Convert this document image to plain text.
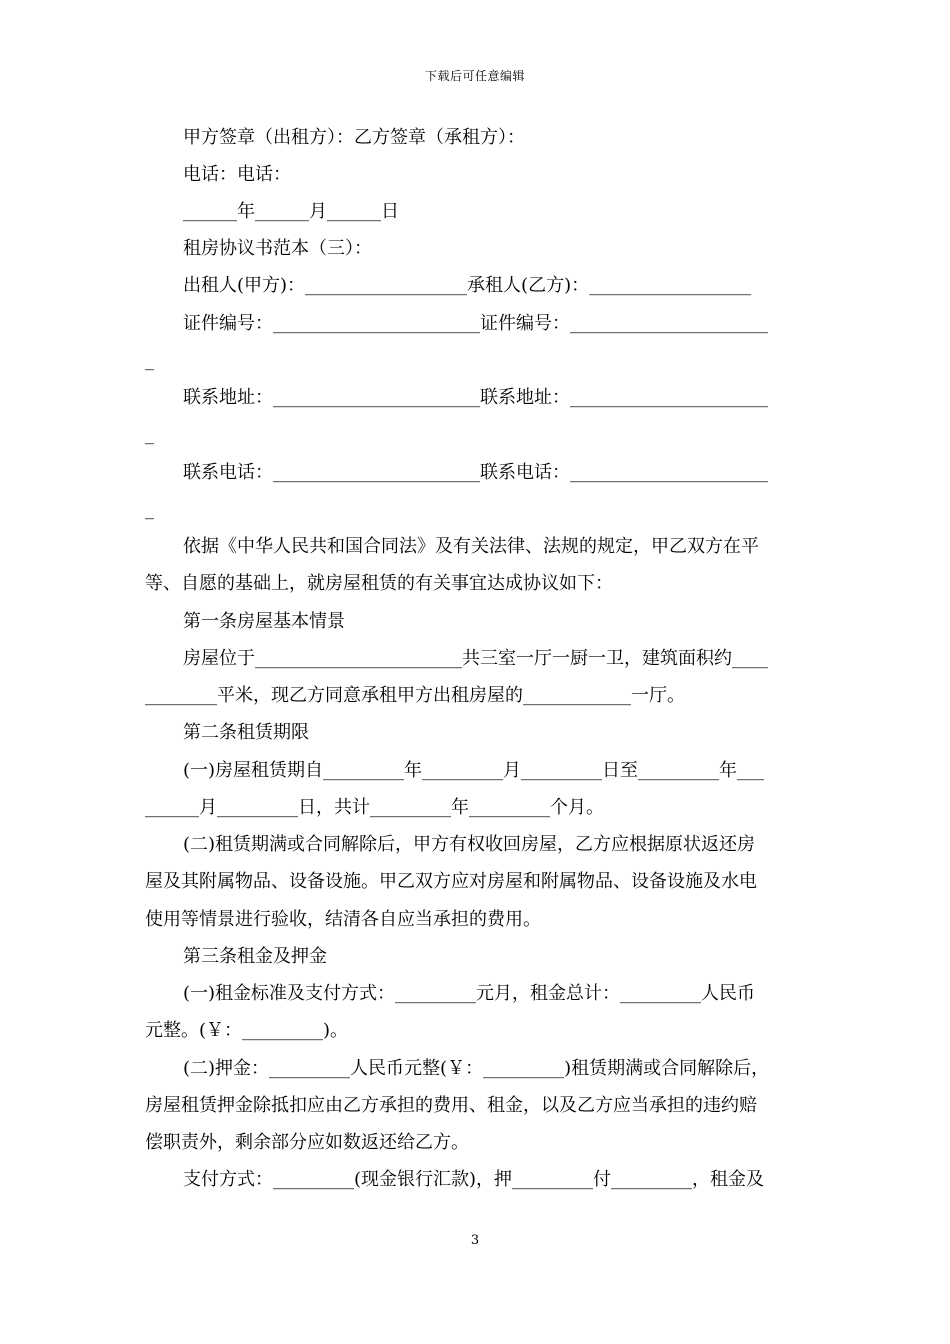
下载后可任意编辑
甲方签章（出租方）：乙方签章（承租方）：
电话：电话：
______年______月______日
租房协议书范本（三）：
出租人(甲方)：__________________承租人(乙方)：__________________
证件编号：_______________________证件编号：______________________
_
联系地址：_______________________联系地址：______________________
_
联系电话：_______________________联系电话：______________________
_
依据《中华人民共和国合同法》及有关法律、法规的规定，甲乙双方在平
等、自愿的基础上，就房屋租赁的有关事宜达成协议如下：
第一条房屋基本情景
房屋位于_______________________共三室一厅一厨一卫，建筑面积约____
________平米，现乙方同意承租甲方出租房屋的____________一厅。
第二条租赁期限
(一)房屋租赁期自_________年_________月_________日至_________年___
______月_________日，共计_________年_________个月。
(二)租赁期满或合同解除后，甲方有权收回房屋，乙方应根据原状返还房
屋及其附属物品、设备设施。甲乙双方应对房屋和附属物品、设备设施及水电
使用等情景进行验收，结清各自应当承担的费用。
第三条租金及押金
(一)租金标准及支付方式：_________元月，租金总计：_________人民币
元整。(￥：_________)。
(二)押金：_________人民币元整(￥：_________)租赁期满或合同解除后，
房屋租赁押金除抵扣应由乙方承担的费用、租金，以及乙方应当承担的违约赔
偿职责外，剩余部分应如数返还给乙方。
支付方式：_________(现金银行汇款)，押_________付_________，租金及
3
